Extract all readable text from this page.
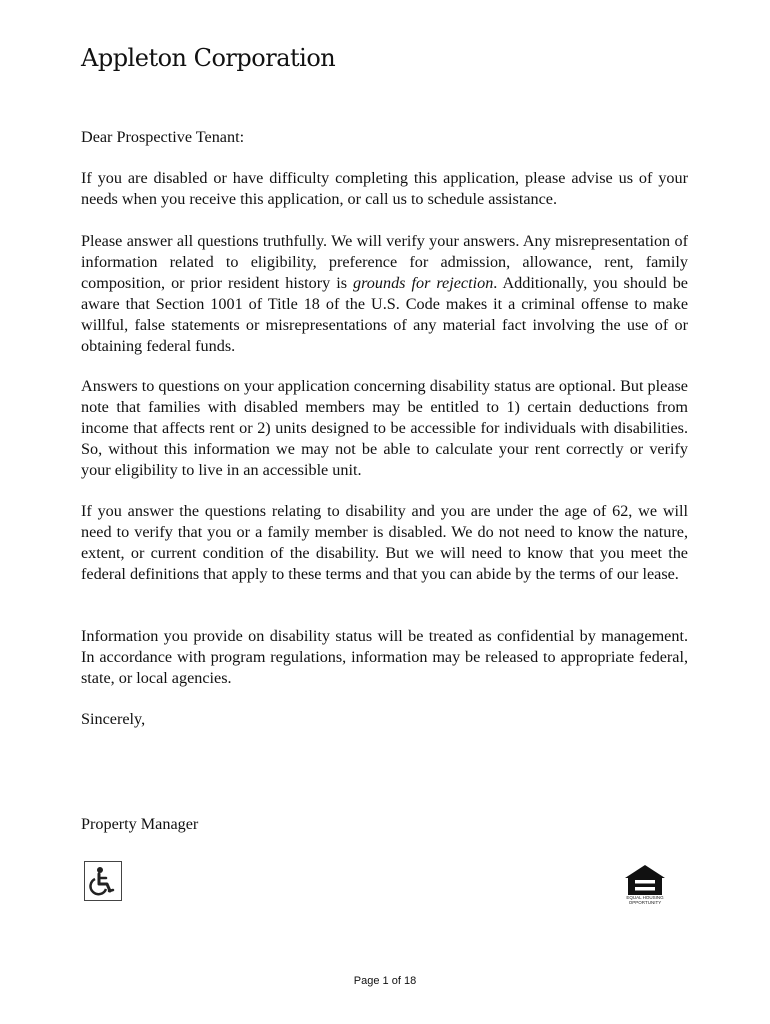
Appleton Corporation
Dear Prospective Tenant:
If you are disabled or have difficulty completing this application, please advise us of your needs when you receive this application, or call us to schedule assistance.
Please answer all questions truthfully. We will verify your answers. Any misrepresentation of information related to eligibility, preference for admission, allowance, rent, family composition, or prior resident history is grounds for rejection. Additionally, you should be aware that Section 1001 of Title 18 of the U.S. Code makes it a criminal offense to make willful, false statements or misrepresentations of any material fact involving the use of or obtaining federal funds.
Answers to questions on your application concerning disability status are optional. But please note that families with disabled members may be entitled to 1) certain deductions from income that affects rent or 2) units designed to be accessible for individuals with disabilities. So, without this information we may not be able to calculate your rent correctly or verify your eligibility to live in an accessible unit.
If you answer the questions relating to disability and you are under the age of 62, we will need to verify that you or a family member is disabled. We do not need to know the nature, extent, or current condition of the disability. But we will need to know that you meet the federal definitions that apply to these terms and that you can abide by the terms of our lease.
Information you provide on disability status will be treated as confidential by management. In accordance with program regulations, information may be released to appropriate federal, state, or local agencies.
Sincerely,
Property Manager
EQUAL HOUSING
OPPORTUNITY
Page 1 of 18
